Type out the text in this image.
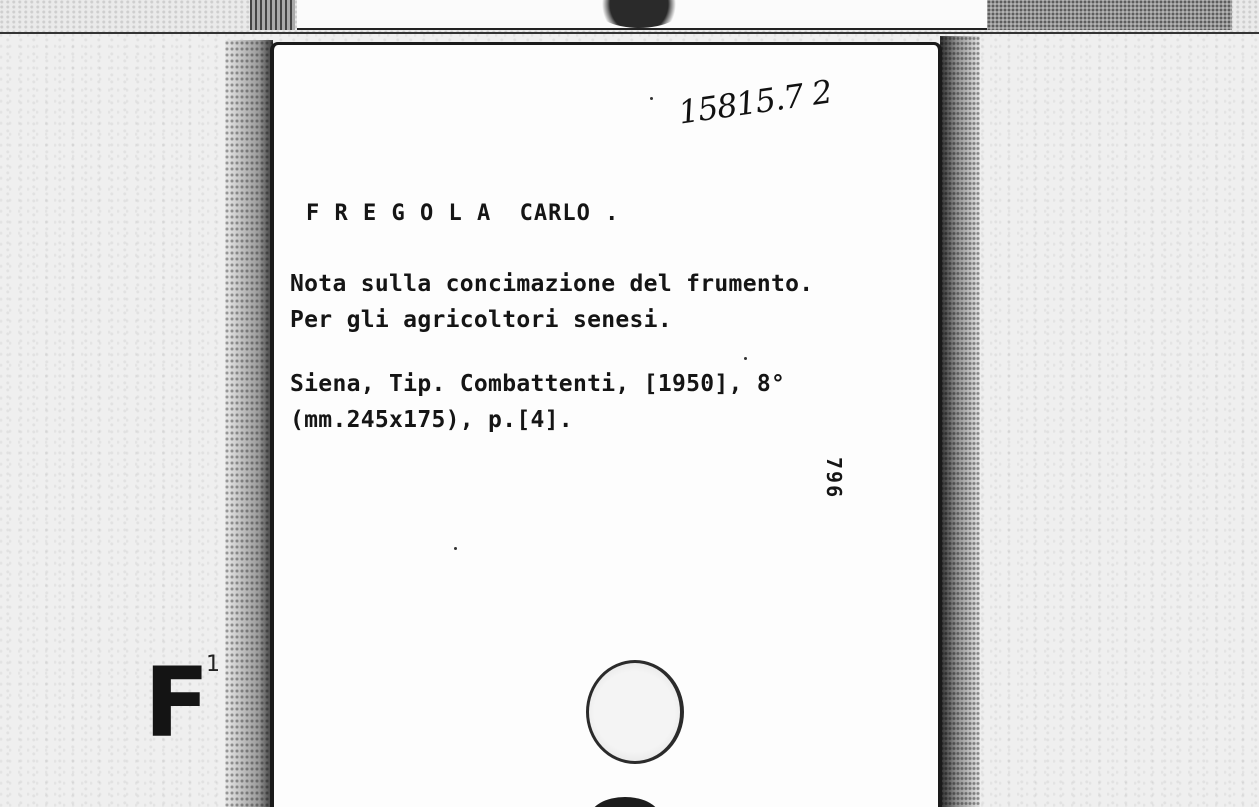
F
1
15815.7 2
F R E G O L A  CARLO .
Nota sulla concimazione del frumento.
Per gli agricoltori senesi.
Siena, Tip. Combattenti, [1950], 8°
(mm.245x175), p.[4].
796
